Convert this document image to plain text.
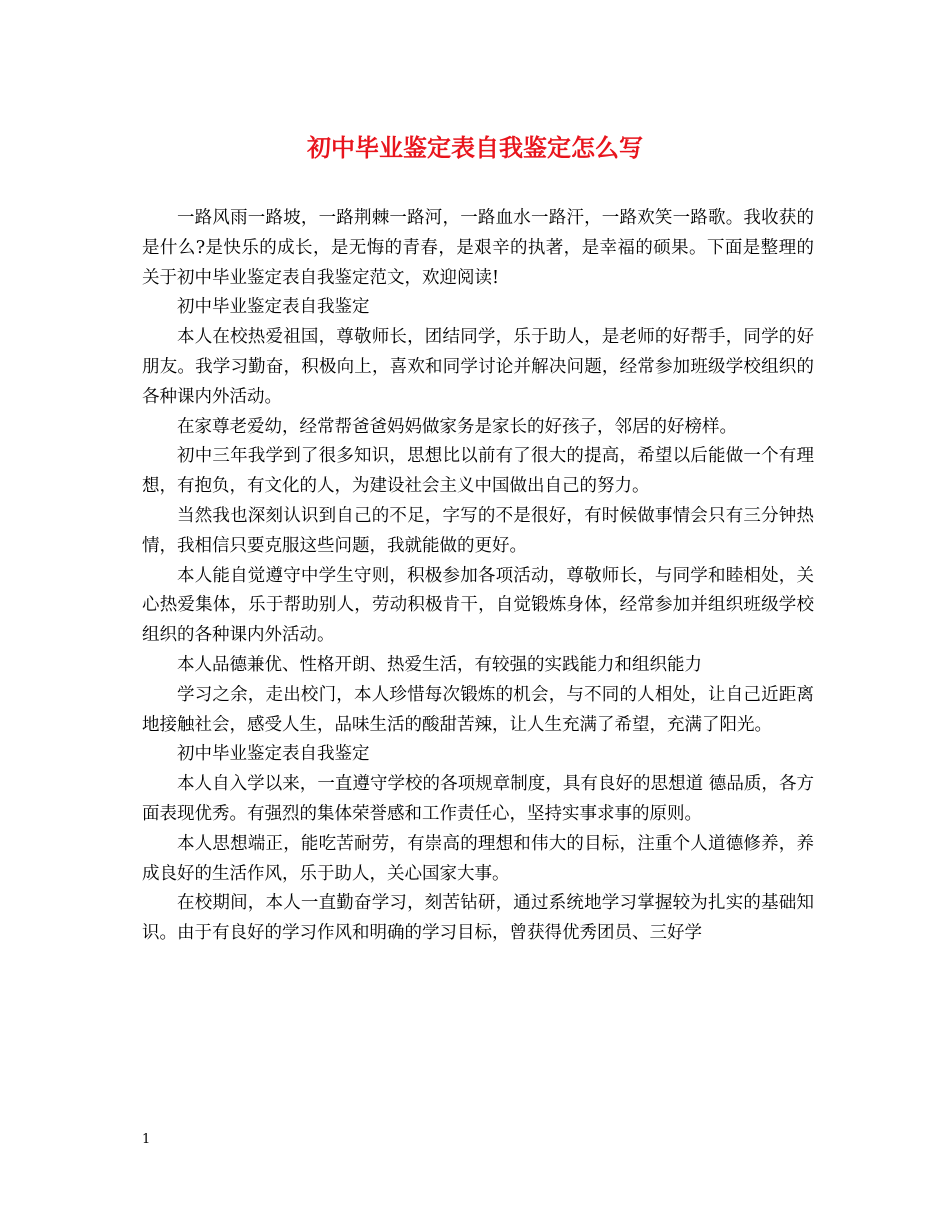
初中毕业鉴定表自我鉴定怎么写

一路风雨一路坡，一路荆棘一路河，一路血水一路汗，一路欢笑一路歌。我收获的是什么?是快乐的成长，是无悔的青春，是艰辛的执著，是幸福的硕果。下面是整理的关于初中毕业鉴定表自我鉴定范文，欢迎阅读!

初中毕业鉴定表自我鉴定

本人在校热爱祖国，尊敬师长，团结同学，乐于助人，是老师的好帮手，同学的好朋友。我学习勤奋，积极向上，喜欢和同学讨论并解决问题，经常参加班级学校组织的各种课内外活动。

在家尊老爱幼，经常帮爸爸妈妈做家务是家长的好孩子，邻居的好榜样。

初中三年我学到了很多知识，思想比以前有了很大的提高，希望以后能做一个有理想，有抱负，有文化的人，为建设社会主义中国做出自己的努力。

当然我也深刻认识到自己的不足，字写的不是很好，有时候做事情会只有三分钟热情，我相信只要克服这些问题，我就能做的更好。

本人能自觉遵守中学生守则，积极参加各项活动，尊敬师长，与同学和睦相处，关心热爱集体，乐于帮助别人，劳动积极肯干，自觉锻炼身体，经常参加并组织班级学校组织的各种课内外活动。

本人品德兼优、性格开朗、热爱生活，有较强的实践能力和组织能力

学习之余，走出校门，本人珍惜每次锻炼的机会，与不同的人相处，让自己近距离地接触社会，感受人生，品味生活的酸甜苦辣，让人生充满了希望，充满了阳光。

初中毕业鉴定表自我鉴定

本人自入学以来，一直遵守学校的各项规章制度，具有良好的思想道 德品质，各方面表现优秀。有强烈的集体荣誉感和工作责任心，坚持实事求事的原则。

本人思想端正，能吃苦耐劳，有崇高的理想和伟大的目标，注重个人道德修养，养成良好的生活作风，乐于助人，关心国家大事。

在校期间，本人一直勤奋学习，刻苦钻研，通过系统地学习掌握较为扎实的基础知识。由于有良好的学习作风和明确的学习目标，曾获得优秀团员、三好学

1
